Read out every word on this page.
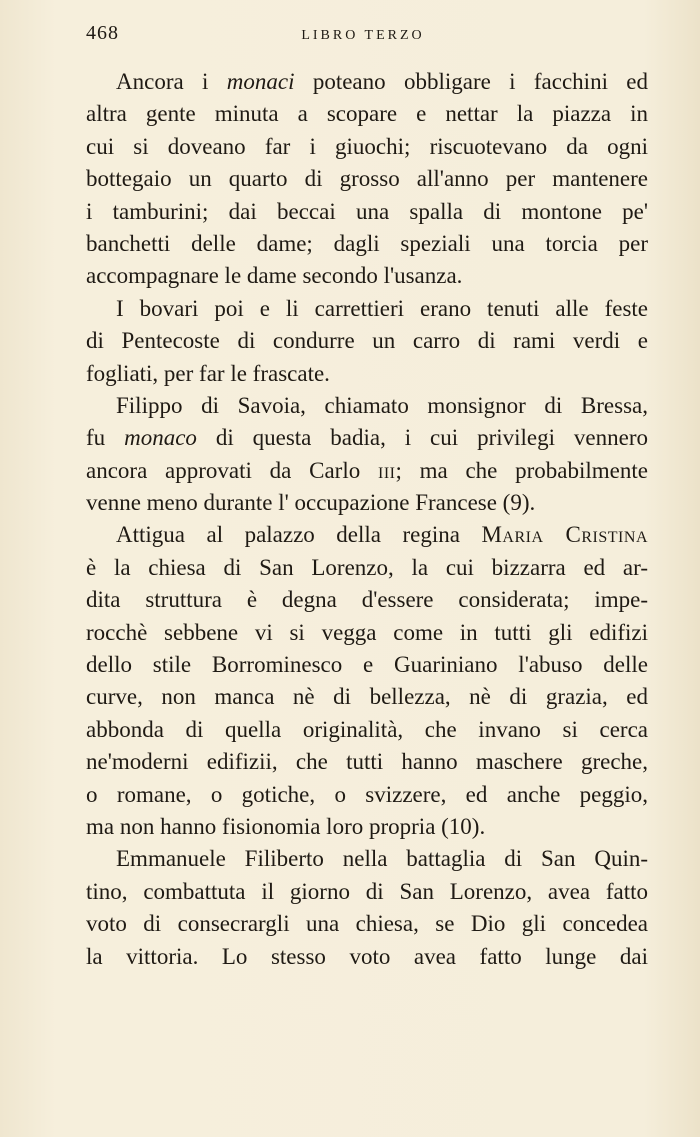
468	LIBRO TERZO
Ancora i monaci poteano obbligare i facchini ed
altra gente minuta a scopare e nettar la piazza in
cui si doveano far i giuochi; riscuotevano da ogni
bottegaio un quarto di grosso all'anno per mantenere
i tamburini; dai beccai una spalla di montone pe'
banchetti delle dame; dagli speziali una torcia per
accompagnare le dame secondo l'usanza.
I bovari poi e li carrettieri erano tenuti alle feste
di Pentecoste di condurre un carro di rami verdi e
fogliati, per far le frascate.
Filippo di Savoia, chiamato monsignor di Bressa,
fu monaco di questa badia, i cui privilegi vennero
ancora approvati da Carlo iii; ma che probabilmente
venne meno durante l' occupazione Francese (9).
Attigua al palazzo della regina Maria Cristina
è la chiesa di San Lorenzo, la cui bizzarra ed ar-
dita struttura è degna d'essere considerata; impe-
rocchè sebbene vi si vegga come in tutti gli edifizi
dello stile Borrominesco e Guariniano l'abuso delle
curve, non manca nè di bellezza, nè di grazia, ed
abbonda di quella originalità, che invano si cerca
ne'moderni edifizii, che tutti hanno maschere greche,
o romane, o gotiche, o svizzere, ed anche peggio,
ma non hanno fisionomia loro propria (10).
Emmanuele Filiberto nella battaglia di San Quin-
tino, combattuta il giorno di San Lorenzo, avea fatto
voto di consecrargli una chiesa, se Dio gli concedea
la vittoria. Lo stesso voto avea fatto lunge dai
